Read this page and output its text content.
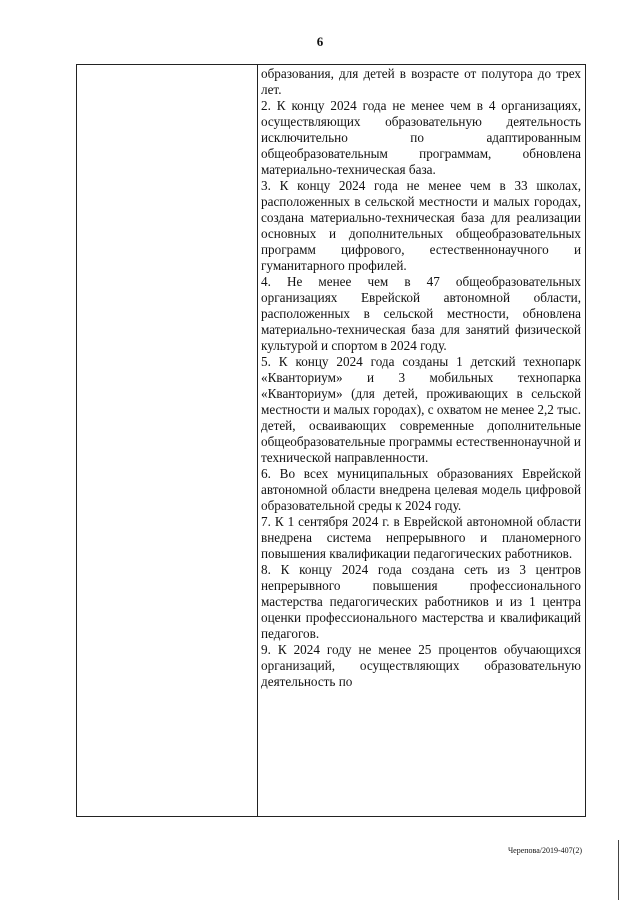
6

образования, для детей в возрасте от полутора до трех лет.

2. К концу 2024 года не менее чем в 4 организациях, осуществляющих образовательную деятельность исключительно по адаптированным общеобразовательным программам, обновлена материально-техническая база.

3. К концу 2024 года не менее чем в 33 школах, расположенных в сельской местности и малых городах, создана материально-техническая база для реализации основных и дополнительных общеобразовательных программ цифрового, естественнонаучного и гуманитарного профилей.

4. Не менее чем в 47 общеобразовательных организациях Еврейской автономной области, расположенных в сельской местности, обновлена материально-техническая база для занятий физической культурой и спортом в 2024 году.

5. К концу 2024 года созданы 1 детский технопарк «Кванториум» и 3 мобильных технопарка «Кванториум» (для детей, проживающих в сельской местности и малых городах), с охватом не менее 2,2 тыс. детей, осваивающих современные дополнительные общеобразовательные программы естественнонаучной и технической направленности.

6. Во всех муниципальных образованиях Еврейской автономной области внедрена целевая модель цифровой образовательной среды к 2024 году.

7. К 1 сентября 2024 г. в Еврейской автономной области внедрена система непрерывного и планомерного повышения квалификации педагогических работников.

8. К концу 2024 года создана сеть из 3 центров непрерывного повышения профессионального мастерства педагогических работников и из 1 центра оценки профессионального мастерства и квалификаций педагогов.

9. К 2024 году не менее 25 процентов обучающихся организаций, осуществляющих образовательную деятельность по

Черепова/2019-407(2)
